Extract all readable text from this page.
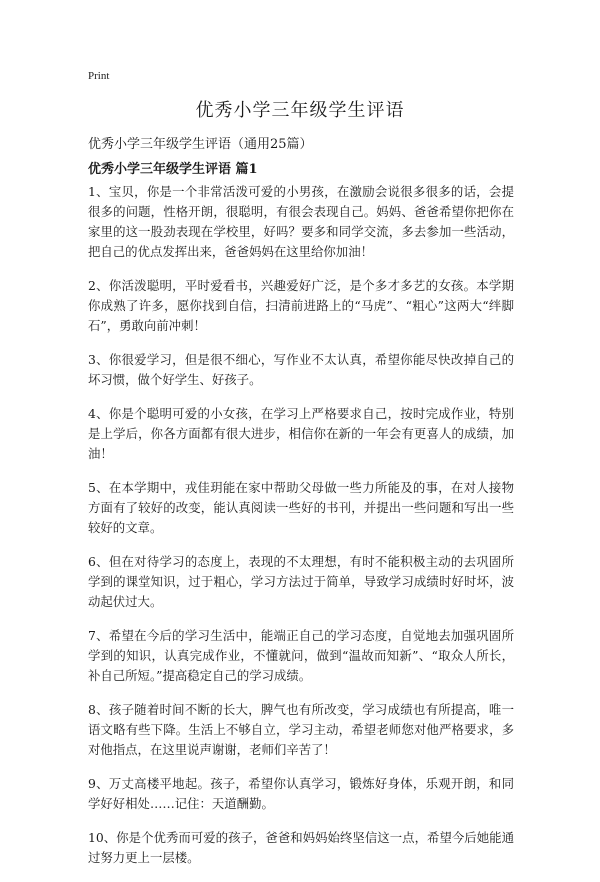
Print
优秀小学三年级学生评语

优秀小学三年级学生评语（通用25篇）

优秀小学三年级学生评语 篇1

1、宝贝，你是一个非常活泼可爱的小男孩，在激励会说很多很多的话，会提很多的问题，性格开朗，很聪明，有很会表现自己。妈妈、爸爸希望你把你在家里的这一股劲表现在学校里，好吗？要多和同学交流，多去参加一些活动，把自己的优点发挥出来，爸爸妈妈在这里给你加油！

2、你活泼聪明，平时爱看书，兴趣爱好广泛，是个多才多艺的女孩。本学期你成熟了许多，愿你找到自信，扫清前进路上的“马虎”、“粗心”这两大“绊脚石”，勇敢向前冲刺！

3、你很爱学习，但是很不细心，写作业不太认真，希望你能尽快改掉自己的坏习惯，做个好学生、好孩子。

4、你是个聪明可爱的小女孩，在学习上严格要求自己，按时完成作业，特别是上学后，你各方面都有很大进步，相信你在新的一年会有更喜人的成绩，加油！

5、在本学期中，戎佳玥能在家中帮助父母做一些力所能及的事，在对人接物方面有了较好的改变，能认真阅读一些好的书刊，并提出一些问题和写出一些较好的文章。

6、但在对待学习的态度上，表现的不太理想，有时不能积极主动的去巩固所学到的课堂知识，过于粗心，学习方法过于简单，导致学习成绩时好时坏，波动起伏过大。

7、希望在今后的学习生活中，能端正自己的学习态度，自觉地去加强巩固所学到的知识，认真完成作业，不懂就问，做到“温故而知新”、“取众人所长，补自己所短。”提高稳定自己的学习成绩。

8、孩子随着时间不断的长大，脾气也有所改变，学习成绩也有所提高，唯一语文略有些下降。生活上不够自立，学习主动，希望老师您对他严格要求，多对他指点，在这里说声谢谢，老师们辛苦了！

9、万丈高楼平地起。孩子，希望你认真学习，锻炼好身体，乐观开朗，和同学好好相处……记住：天道酬勤。

10、你是个优秀而可爱的孩子，爸爸和妈妈始终坚信这一点，希望今后她能通过努力更上一层楼。
